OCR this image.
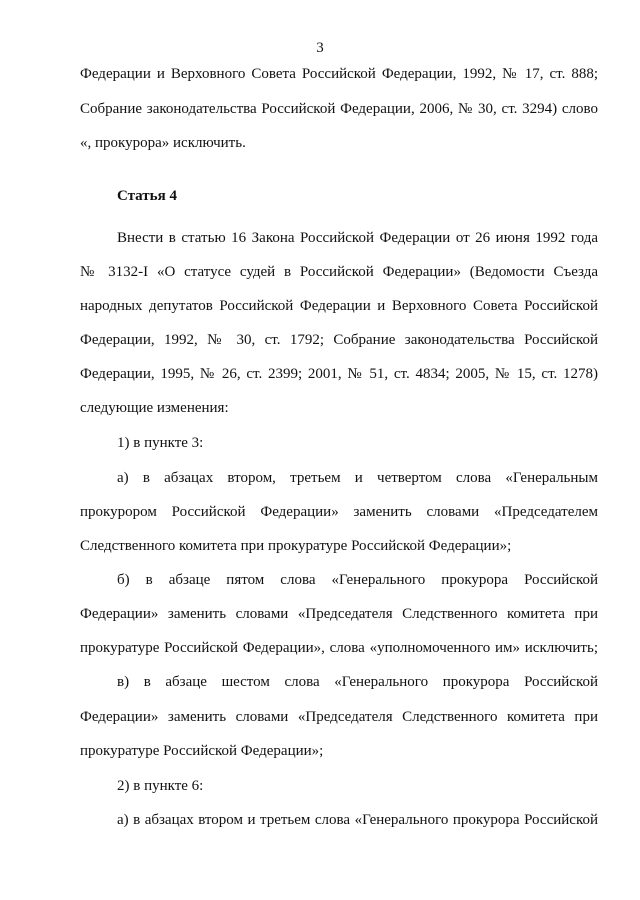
3
Федерации и Верховного Совета Российской Федерации, 1992, № 17, ст. 888;
Собрание законодательства Российской Федерации, 2006, № 30, ст. 3294) слово
«, прокурора» исключить.
Статья 4
Внести в статью 16 Закона Российской Федерации от 26 июня 1992 года
№ 3132-I «О статусе судей в Российской Федерации» (Ведомости Съезда
народных депутатов Российской Федерации и Верховного Совета Российской
Федерации, 1992, № 30, ст. 1792; Собрание законодательства Российской
Федерации, 1995, № 26, ст. 2399; 2001, № 51, ст. 4834; 2005, № 15, ст. 1278)
следующие изменения:
1) в пункте 3:
а) в абзацах втором, третьем и четвертом слова «Генеральным
прокурором Российской Федерации» заменить словами «Председателем
Следственного комитета при прокуратуре Российской Федерации»;
б) в абзаце пятом слова «Генерального прокурора Российской
Федерации» заменить словами «Председателя Следственного комитета при
прокуратуре Российской Федерации», слова «уполномоченного им» исключить;
в) в абзаце шестом слова «Генерального прокурора Российской
Федерации» заменить словами «Председателя Следственного комитета при
прокуратуре Российской Федерации»;
2) в пункте 6:
а) в абзацах втором и третьем слова «Генерального прокурора Российской
